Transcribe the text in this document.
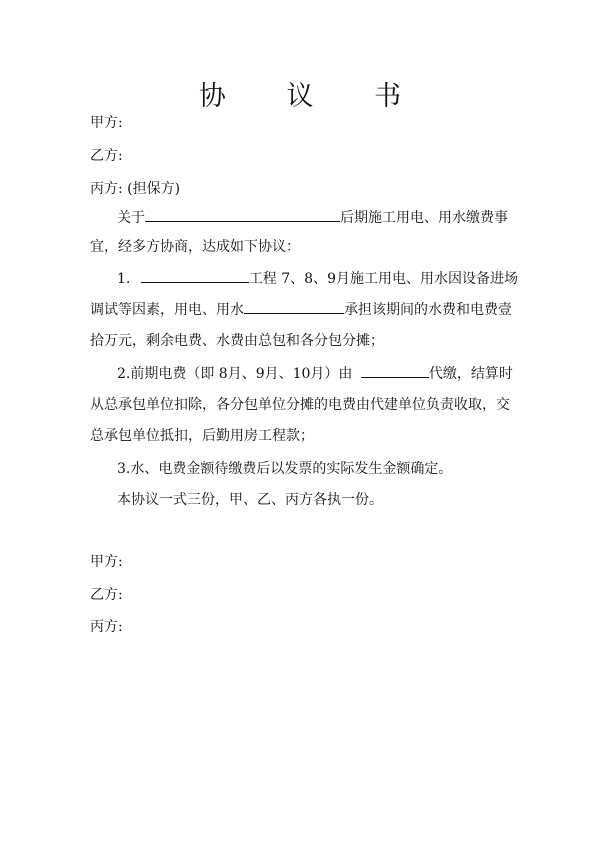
协 议 书
甲方:
乙方:
丙方: (担保方)
关于	后期施工用电、用水缴费事
宜，经多方协商，达成如下协议：
1.	工程 7、8、9月施工用电、用水因设备进场
调试等因素，用电、用水	承担该期间的水费和电费壹
拾万元，剩余电费、水费由总包和各分包分摊；
2.前期电费（即 8月、9月、10月）由	代缴，结算时
从总承包单位扣除，各分包单位分摊的电费由代建单位负责收取，交
总承包单位抵扣，后勤用房工程款；
3.水、电费金额待缴费后以发票的实际发生金额确定。
本协议一式三份，甲、乙、丙方各执一份。
甲方:
乙方:
丙方:
